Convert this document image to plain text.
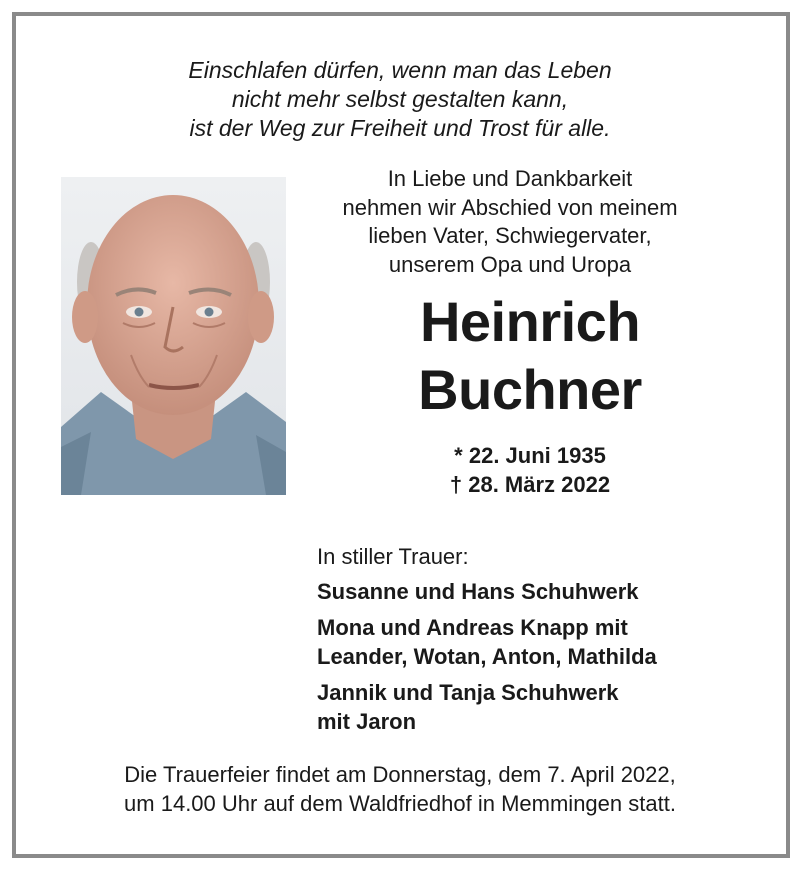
Einschlafen dürfen, wenn man das Leben
nicht mehr selbst gestalten kann,
ist der Weg zur Freiheit und Trost für alle.
In Liebe und Dankbarkeit
nehmen wir Abschied von meinem
lieben Vater, Schwiegervater,
unserem Opa und Uropa
Heinrich
Buchner
* 22. Juni 1935
† 28. März 2022
In stiller Trauer:
Susanne und Hans Schuhwerk
Mona und Andreas Knapp mit
Leander, Wotan, Anton, Mathilda
Jannik und Tanja Schuhwerk
mit Jaron
Die Trauerfeier findet am Donnerstag, dem 7. April 2022,
um 14.00 Uhr auf dem Waldfriedhof in Memmingen statt.
